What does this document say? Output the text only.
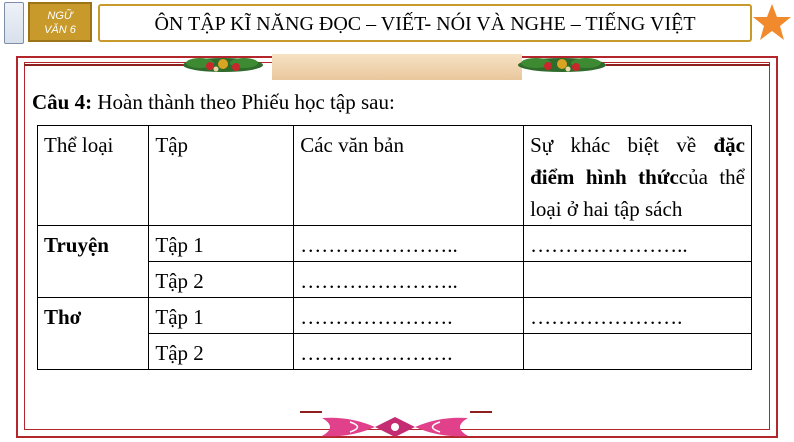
NGỮ
VĂN 6	ÔN TẬP KĨ NĂNG ĐỌC – VIẾT- NÓI VÀ NGHE – TIẾNG VIỆT
Câu 4: Hoàn thành theo Phiếu học tập sau:
Thể loại	Tập	Các văn bản	Sự khác biệt về đặc điểm hình thứccủa thể loại ở hai tập sách
Truyện	Tập 1	…………………..	…………………..
	Tập 2	…………………..	
Thơ	Tập 1	………………….	………………….
	Tập 2	………………….	
